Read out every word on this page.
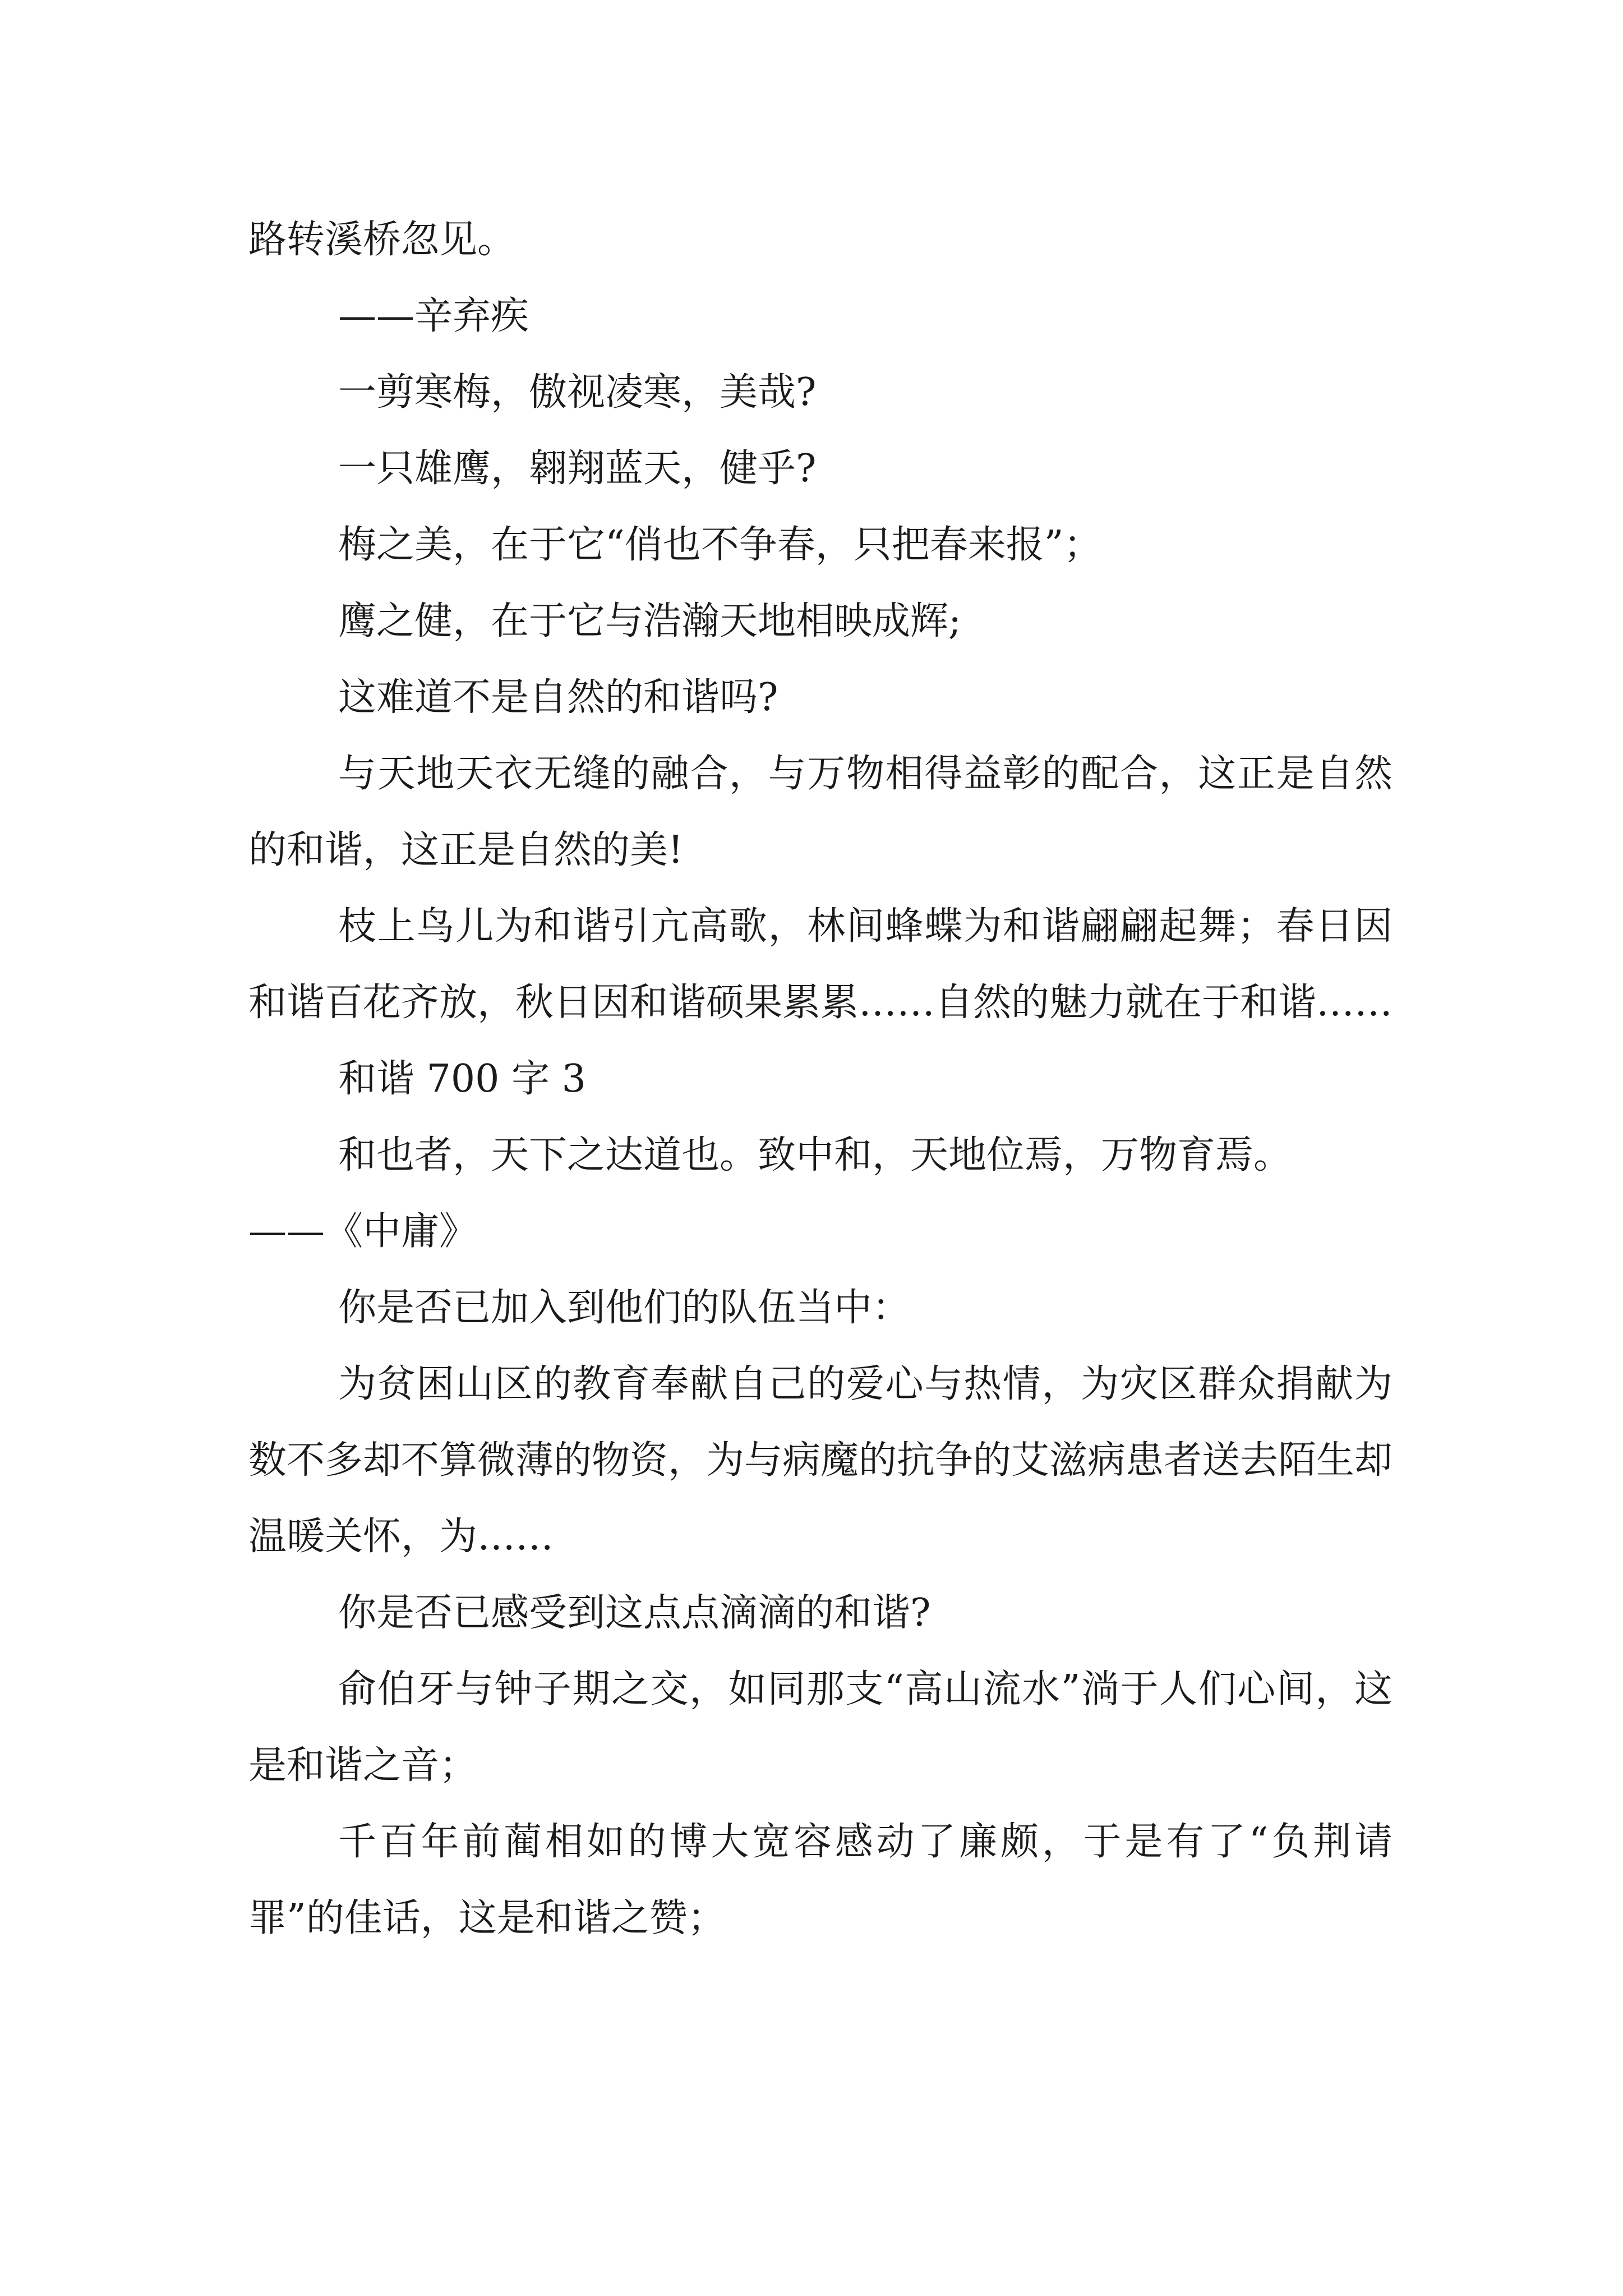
路转溪桥忽见。

——辛弃疾

一剪寒梅，傲视凌寒，美哉?

一只雄鹰，翱翔蓝天，健乎?

梅之美，在于它“俏也不争春，只把春来报”；

鹰之健，在于它与浩瀚天地相映成辉;

这难道不是自然的和谐吗?

与天地天衣无缝的融合，与万物相得益彰的配合，这正是自然的和谐，这正是自然的美!

枝上鸟儿为和谐引亢高歌，林间蜂蝶为和谐翩翩起舞；春日因和谐百花齐放，秋日因和谐硕果累累……自然的魅力就在于和谐……

和谐 700 字 3

和也者，天下之达道也。致中和，天地位焉，万物育焉。

——《中庸》

你是否已加入到他们的队伍当中：

为贫困山区的教育奉献自己的爱心与热情，为灾区群众捐献为数不多却不算微薄的物资，为与病魔的抗争的艾滋病患者送去陌生却温暖关怀，为……

你是否已感受到这点点滴滴的和谐?

俞伯牙与钟子期之交，如同那支“高山流水”淌于人们心间，这是和谐之音；

千百年前蔺相如的博大宽容感动了廉颇，于是有了“负荆请罪”的佳话，这是和谐之赞；
